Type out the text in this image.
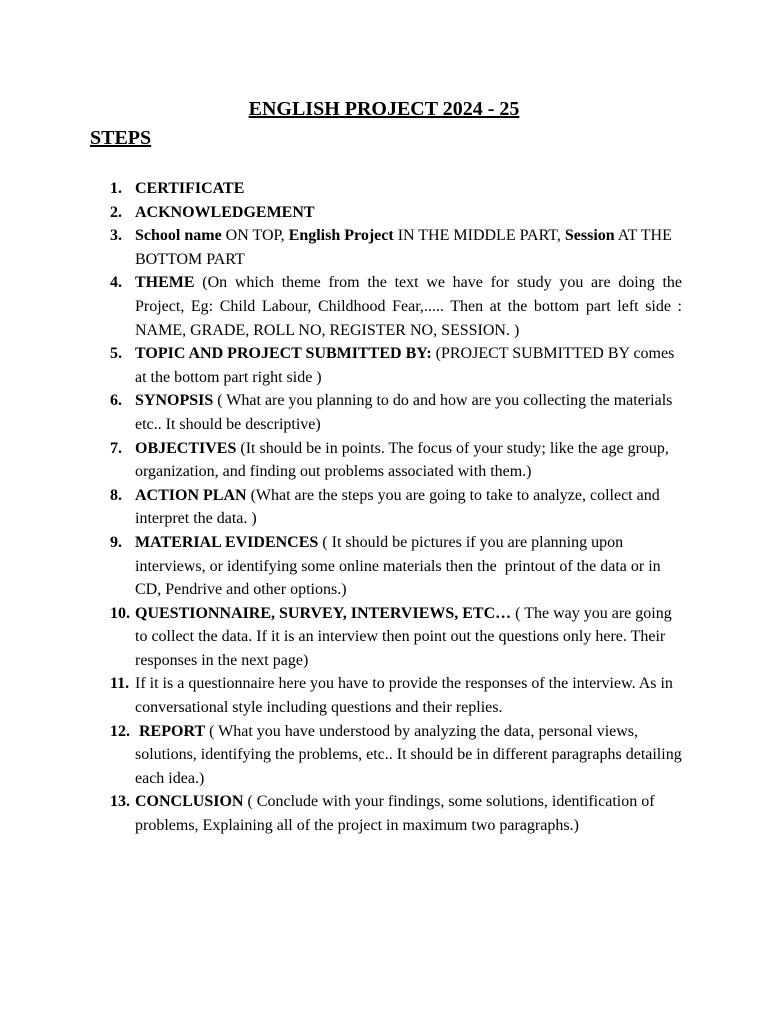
ENGLISH PROJECT 2024 - 25
STEPS
1. CERTIFICATE
2. ACKNOWLEDGEMENT
3. School name ON TOP, English Project IN THE MIDDLE PART, Session AT THE BOTTOM PART
4. THEME (On which theme from the text we have for study you are doing the Project, Eg: Child Labour, Childhood Fear,..... Then at the bottom part left side : NAME, GRADE, ROLL NO, REGISTER NO, SESSION. )
5. TOPIC AND PROJECT SUBMITTED BY: (PROJECT SUBMITTED BY comes at the bottom part right side )
6. SYNOPSIS ( What are you planning to do and how are you collecting the materials etc.. It should be descriptive)
7. OBJECTIVES (It should be in points. The focus of your study; like the age group, organization, and finding out problems associated with them.)
8. ACTION PLAN (What are the steps you are going to take to analyze, collect and interpret the data. )
9. MATERIAL EVIDENCES ( It should be pictures if you are planning upon interviews, or identifying some online materials then the  printout of the data or in CD, Pendrive and other options.)
10. QUESTIONNAIRE, SURVEY, INTERVIEWS, ETC… ( The way you are going to collect the data. If it is an interview then point out the questions only here. Their responses in the next page)
11. If it is a questionnaire here you have to provide the responses of the interview. As in conversational style including questions and their replies.
12. REPORT ( What you have understood by analyzing the data, personal views, solutions, identifying the problems, etc.. It should be in different paragraphs detailing each idea.)
13. CONCLUSION ( Conclude with your findings, some solutions, identification of problems, Explaining all of the project in maximum two paragraphs.)
